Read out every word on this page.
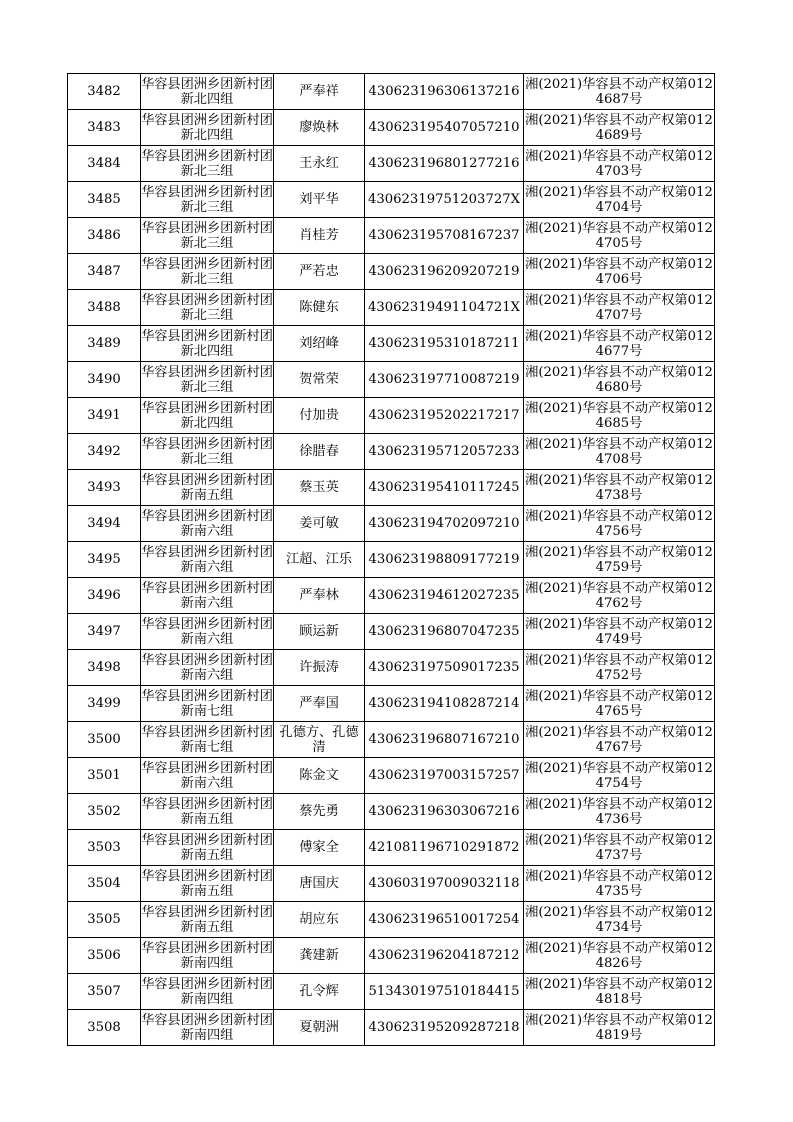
3482	华容县团洲乡团新村团新北四组	严奉祥	430623196306137216	湘(2021)华容县不动产权第0124687号
3483	华容县团洲乡团新村团新北四组	廖焕林	430623195407057210	湘(2021)华容县不动产权第0124689号
3484	华容县团洲乡团新村团新北三组	王永红	430623196801277216	湘(2021)华容县不动产权第0124703号
3485	华容县团洲乡团新村团新北三组	刘平华	43062319751203727X	湘(2021)华容县不动产权第0124704号
3486	华容县团洲乡团新村团新北三组	肖桂芳	430623195708167237	湘(2021)华容县不动产权第0124705号
3487	华容县团洲乡团新村团新北三组	严若忠	430623196209207219	湘(2021)华容县不动产权第0124706号
3488	华容县团洲乡团新村团新北三组	陈健东	43062319491104721X	湘(2021)华容县不动产权第0124707号
3489	华容县团洲乡团新村团新北四组	刘绍峰	430623195310187211	湘(2021)华容县不动产权第0124677号
3490	华容县团洲乡团新村团新北三组	贺常荣	430623197710087219	湘(2021)华容县不动产权第0124680号
3491	华容县团洲乡团新村团新北四组	付加贵	430623195202217217	湘(2021)华容县不动产权第0124685号
3492	华容县团洲乡团新村团新北三组	徐腊春	430623195712057233	湘(2021)华容县不动产权第0124708号
3493	华容县团洲乡团新村团新南五组	蔡玉英	430623195410117245	湘(2021)华容县不动产权第0124738号
3494	华容县团洲乡团新村团新南六组	姜可敏	430623194702097210	湘(2021)华容县不动产权第0124756号
3495	华容县团洲乡团新村团新南六组	江超、江乐	430623198809177219	湘(2021)华容县不动产权第0124759号
3496	华容县团洲乡团新村团新南六组	严奉林	430623194612027235	湘(2021)华容县不动产权第0124762号
3497	华容县团洲乡团新村团新南六组	顾运新	430623196807047235	湘(2021)华容县不动产权第0124749号
3498	华容县团洲乡团新村团新南六组	许振涛	430623197509017235	湘(2021)华容县不动产权第0124752号
3499	华容县团洲乡团新村团新南七组	严奉国	430623194108287214	湘(2021)华容县不动产权第0124765号
3500	华容县团洲乡团新村团新南七组	孔德方、孔德清	430623196807167210	湘(2021)华容县不动产权第0124767号
3501	华容县团洲乡团新村团新南六组	陈金文	430623197003157257	湘(2021)华容县不动产权第0124754号
3502	华容县团洲乡团新村团新南五组	蔡先勇	430623196303067216	湘(2021)华容县不动产权第0124736号
3503	华容县团洲乡团新村团新南五组	傅家全	421081196710291872	湘(2021)华容县不动产权第0124737号
3504	华容县团洲乡团新村团新南五组	唐国庆	430603197009032118	湘(2021)华容县不动产权第0124735号
3505	华容县团洲乡团新村团新南五组	胡应东	430623196510017254	湘(2021)华容县不动产权第0124734号
3506	华容县团洲乡团新村团新南四组	龚建新	430623196204187212	湘(2021)华容县不动产权第0124826号
3507	华容县团洲乡团新村团新南四组	孔令辉	513430197510184415	湘(2021)华容县不动产权第0124818号
3508	华容县团洲乡团新村团新南四组	夏朝洲	430623195209287218	湘(2021)华容县不动产权第0124819号
